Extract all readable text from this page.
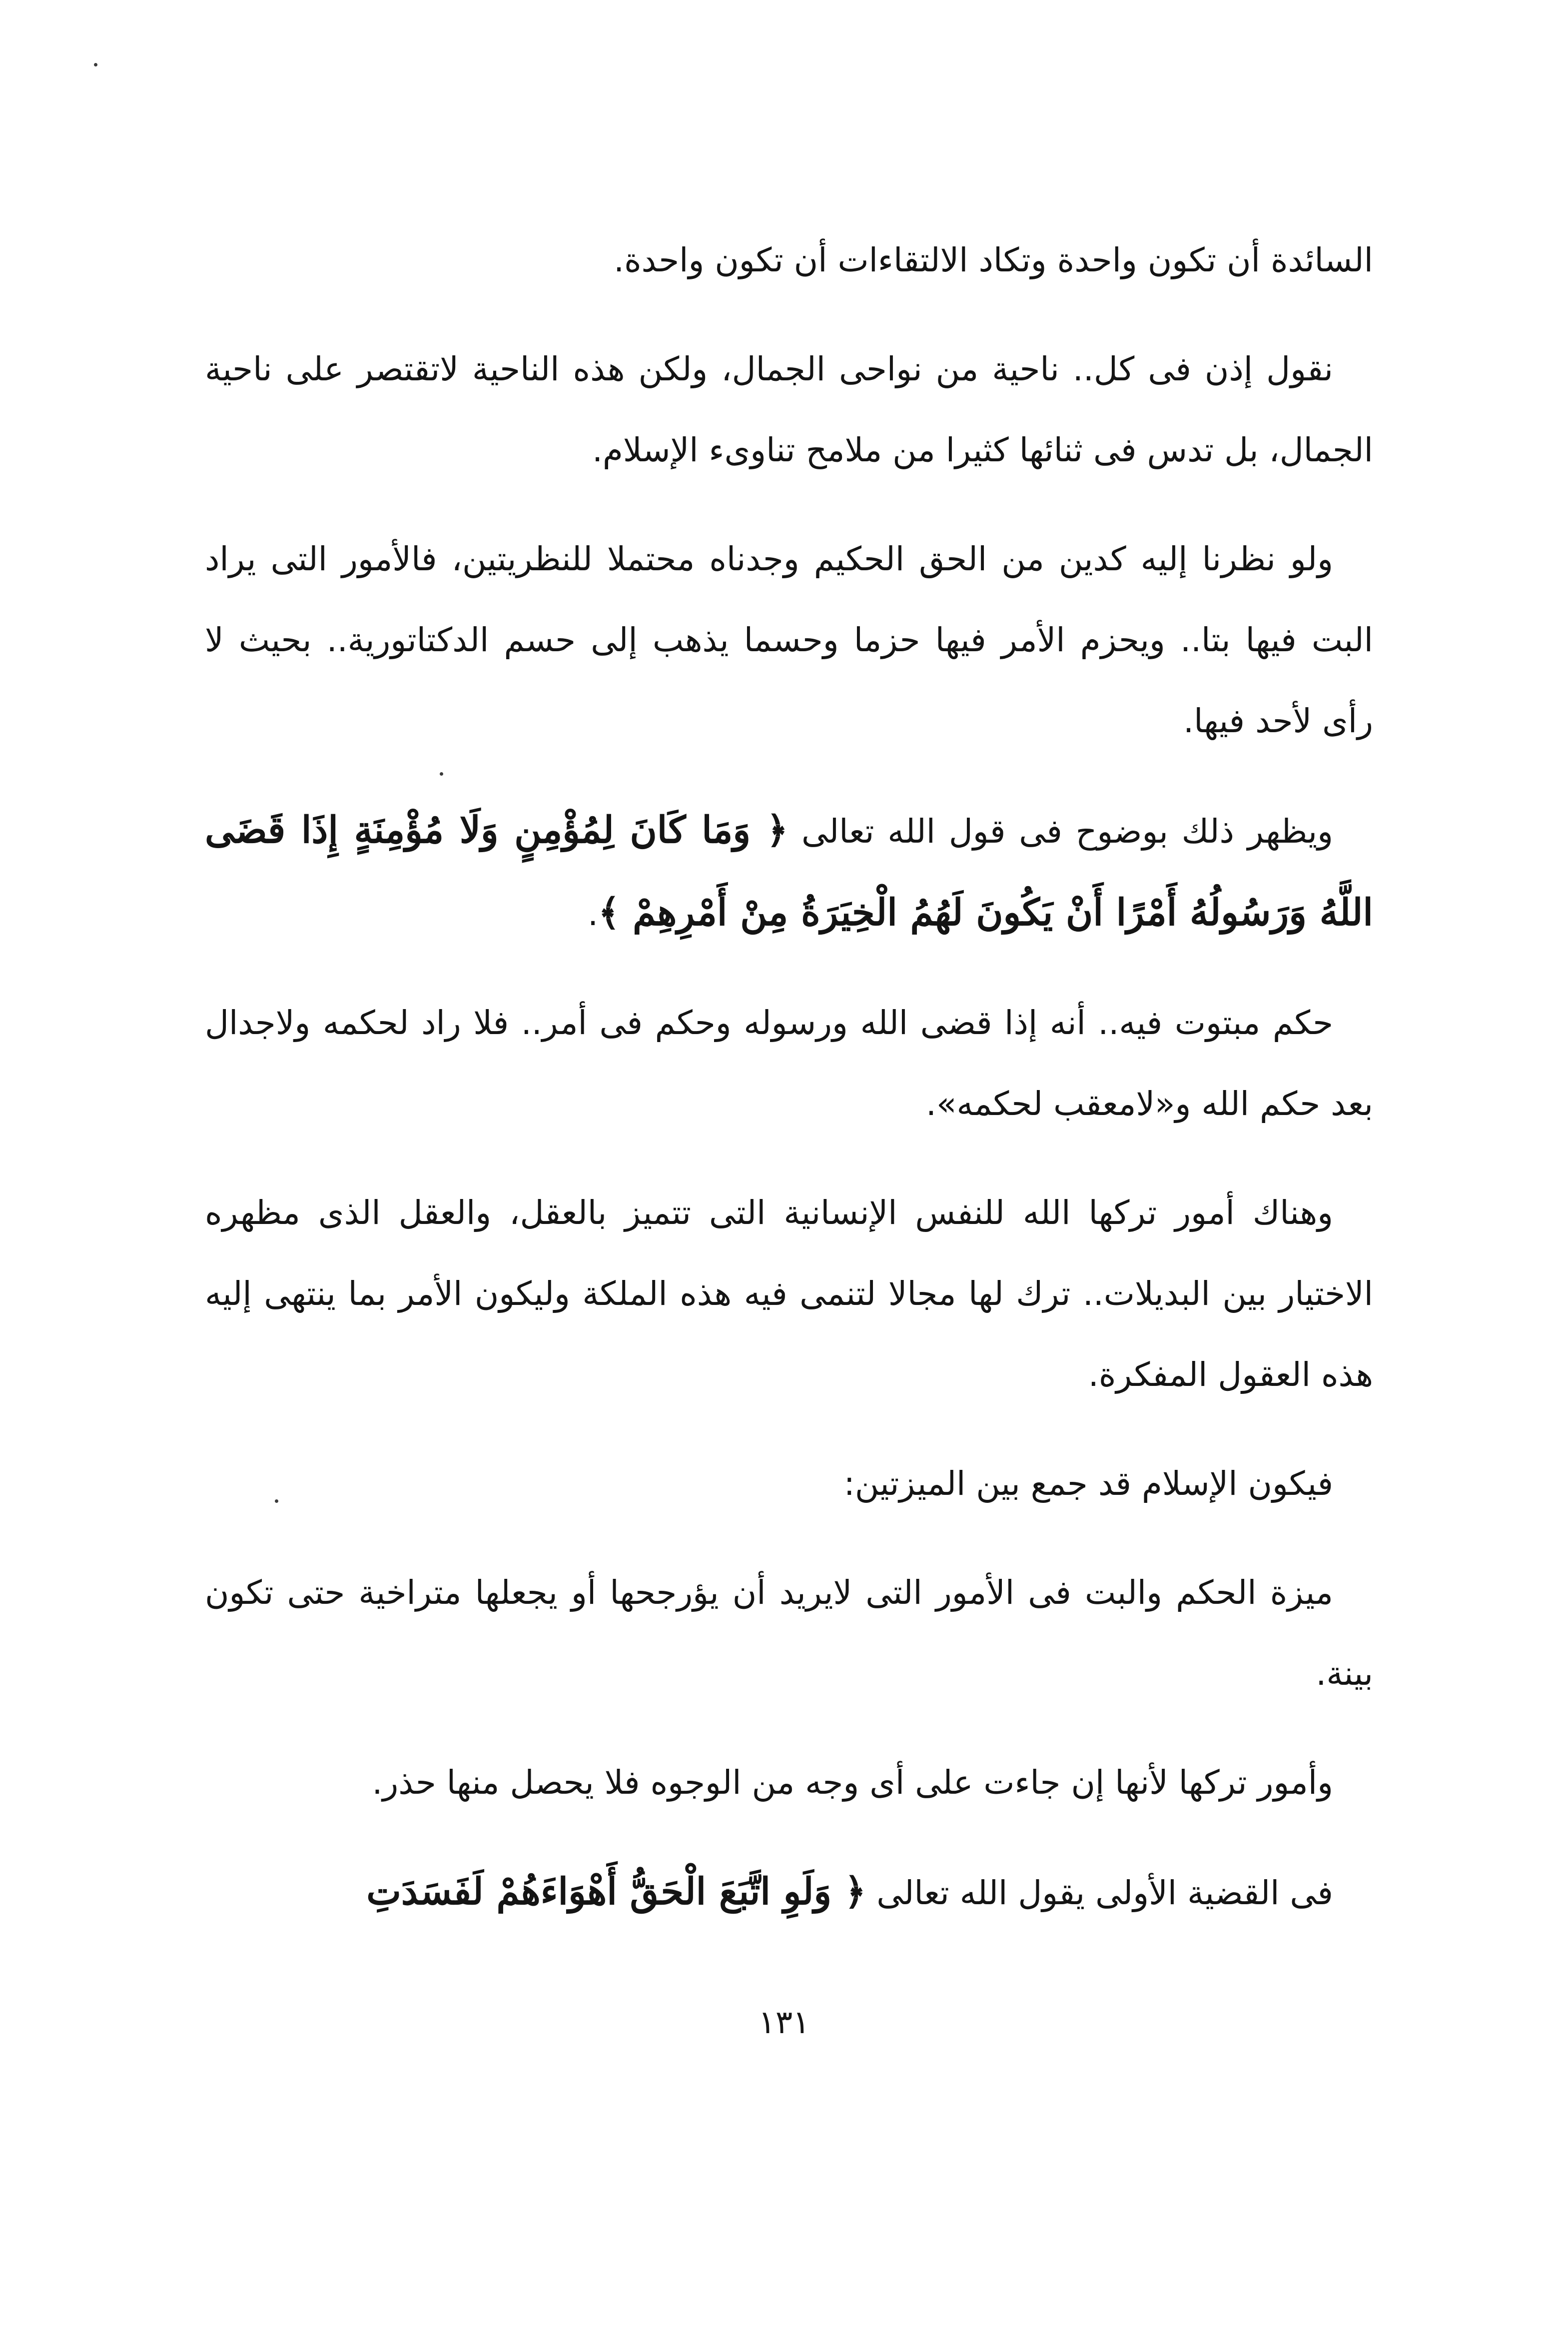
السائدة أن تكون واحدة وتكاد الالتقاءات أن تكون واحدة.

نقول إذن فى كل.. ناحية من نواحى الجمال، ولكن هذه الناحية لاتقتصر على ناحية الجمال، بل تدس فى ثنائها كثيرا من ملامح تناوىء الإسلام.

ولو نظرنا إليه كدين من الحق الحكيم وجدناه محتملا للنظريتين، فالأمور التى يراد البت فيها بتا.. ويحزم الأمر فيها حزما وحسما يذهب إلى حسم الدكتاتورية.. بحيث لا رأى لأحد فيها.

ويظهر ذلك بوضوح فى قول الله تعالى ﴿ وَمَا كَانَ لِمُؤْمِنٍ وَلَا مُؤْمِنَةٍ إِذَا قَضَى اللَّهُ وَرَسُولُهُ أَمْرًا أَنْ يَكُونَ لَهُمُ الْخِيَرَةُ مِنْ أَمْرِهِمْ ﴾.

حكم مبتوت فيه.. أنه إذا قضى الله ورسوله وحكم فى أمر.. فلا راد لحكمه ولاجدال بعد حكم الله و«لامعقب لحكمه».

وهناك أمور تركها الله للنفس الإنسانية التى تتميز بالعقل، والعقل الذى مظهره الاختيار بين البديلات.. ترك لها مجالا لتنمى فيه هذه الملكة وليكون الأمر بما ينتهى إليه هذه العقول المفكرة.

فيكون الإسلام قد جمع بين الميزتين:

ميزة الحكم والبت فى الأمور التى لايريد أن يؤرجحها أو يجعلها متراخية حتى تكون بينة.

وأمور تركها لأنها إن جاءت على أى وجه من الوجوه فلا يحصل منها حذر.

فى القضية الأولى يقول الله تعالى ﴿ وَلَوِ اتَّبَعَ الْحَقُّ أَهْوَاءَهُمْ لَفَسَدَتِ

١٣١
